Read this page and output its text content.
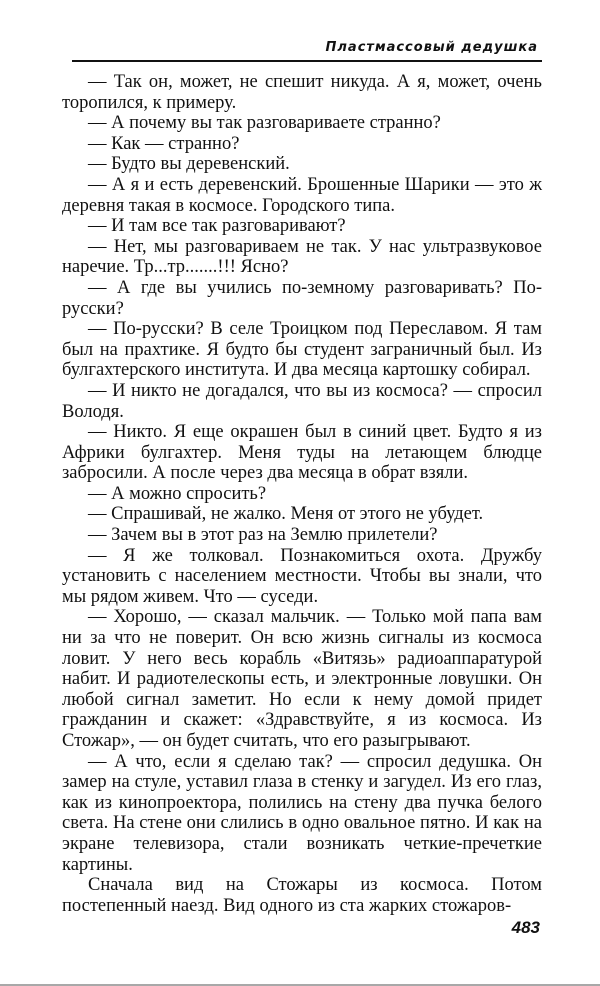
Пластмассовый дедушка

— Так он, может, не спешит никуда. А я, может, очень торопился, к примеру.

— А почему вы так разговариваете странно?

— Как — странно?

— Будто вы деревенский.

— А я и есть деревенский. Брошенные Шарики — это ж деревня такая в космосе. Городского типа.

— И там все так разговаривают?

— Нет, мы разговариваем не так. У нас ультразвуковое наречие. Тр...тр.......!!! Ясно?

— А где вы учились по-земному разговаривать? По-русски?

— По-русски? В селе Троицком под Переславом. Я там был на прахтике. Я будто бы студент заграничный был. Из булгахтерского института. И два месяца картошку собирал.

— И никто не догадался, что вы из космоса? — спросил Володя.

— Никто. Я еще окрашен был в синий цвет. Будто я из Африки булгахтер. Меня туды на летающем блюдце забросили. А после через два месяца в обрат взяли.

— А можно спросить?

— Спрашивай, не жалко. Меня от этого не убудет.

— Зачем вы в этот раз на Землю прилетели?

— Я же толковал. Познакомиться охота. Дружбу установить с населением местности. Чтобы вы знали, что мы рядом живем. Что — суседи.

— Хорошо, — сказал мальчик. — Только мой папа вам ни за что не поверит. Он всю жизнь сигналы из космоса ловит. У него весь корабль «Витязь» радиоаппаратурой набит. И радиотелескопы есть, и электронные ловушки. Он любой сигнал заметит. Но если к нему домой придет гражданин и скажет: «Здравствуйте, я из космоса. Из Стожар», — он будет считать, что его разыгрывают.

— А что, если я сделаю так? — спросил дедушка. Он замер на стуле, уставил глаза в стенку и загудел. Из его глаз, как из кинопроектора, полились на стену два пучка белого света. На стене они слились в одно овальное пятно. И как на экране телевизора, стали возникать четкие-пречеткие картины.

Сначала вид на Стожары из космоса. Потом постепенный наезд. Вид одного из ста жарких стожаров-

483
